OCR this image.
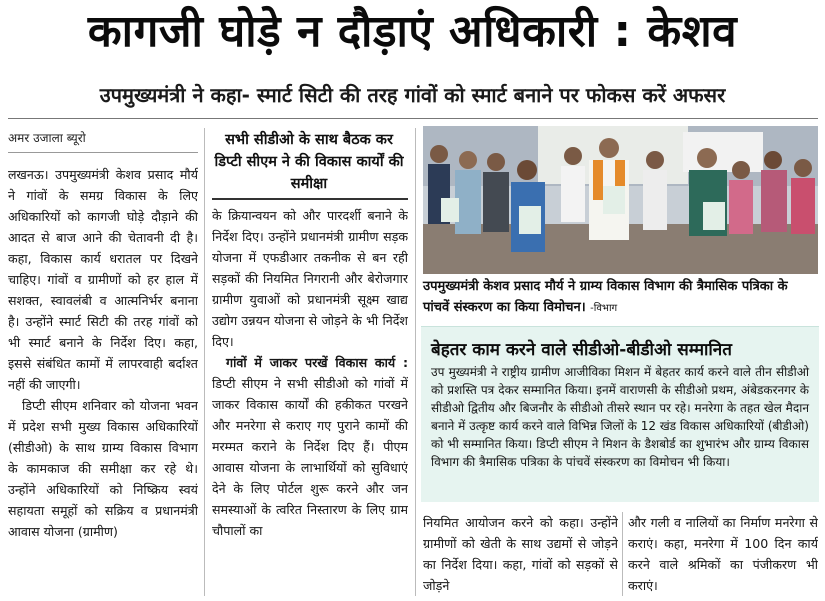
कागजी घोड़े न दौड़ाएं अधिकारी : केशव
उपमुख्यमंत्री ने कहा- स्मार्ट सिटी की तरह गांवों को स्मार्ट बनाने पर फोकस करें अफसर
अमर उजाला ब्यूरो

लखनऊ। उपमुख्यमंत्री केशव प्रसाद मौर्य ने गांवों के समग्र विकास के लिए अधिकारियों को कागजी घोड़े दौड़ाने की आदत से बाज आने की चेतावनी दी है। कहा, विकास कार्य धरातल पर दिखने चाहिए। गांवों व ग्रामीणों को हर हाल में सशक्त, स्वावलंबी व आत्मनिर्भर बनाना है। उन्होंने स्मार्ट सिटी की तरह गांवों को भी स्मार्ट बनाने के निर्देश दिए। कहा, इससे संबंधित कामों में लापरवाही बर्दाश्त नहीं की जाएगी।

डिप्टी सीएम शनिवार को योजना भवन में प्रदेश सभी मुख्य विकास अधिकारियों (सीडीओ) के साथ ग्राम्य विकास विभाग के कामकाज की समीक्षा कर रहे थे। उन्होंने अधिकारियों को निष्क्रिय स्वयं सहायता समूहों को सक्रिय व प्रधानमंत्री आवास योजना (ग्रामीण)

सभी सीडीओ के साथ बैठक कर डिप्टी सीएम ने की विकास कार्यों की समीक्षा

के क्रियान्वयन को और पारदर्शी बनाने के निर्देश दिए। उन्होंने प्रधानमंत्री ग्रामीण सड़क योजना में एफडीआर तकनीक से बन रही सड़कों की नियमित निगरानी और बेरोजगार ग्रामीण युवाओं को प्रधानमंत्री सूक्ष्म खाद्य उद्योग उन्नयन योजना से जोड़ने के भी निर्देश दिए।

गांवों में जाकर परखें विकास कार्य : डिप्टी सीएम ने सभी सीडीओ को गांवों में जाकर विकास कार्यों की हकीकत परखने और मनरेगा से कराए गए पुराने कामों की मरम्मत कराने के निर्देश दिए हैं। पीएम आवास योजना के लाभार्थियों को सुविधाएं देने के लिए पोर्टल शुरू करने और जन समस्याओं के त्वरित निस्तारण के लिए ग्राम चौपालों का

उपमुख्यमंत्री केशव प्रसाद मौर्य ने ग्राम्य विकास विभाग की त्रैमासिक पत्रिका के पांचवें संस्करण का किया विमोचन। -विभाग
बेहतर काम करने वाले सीडीओ-बीडीओ सम्मानित
उप मुख्यमंत्री ने राष्ट्रीय ग्रामीण आजीविका मिशन में बेहतर कार्य करने वाले तीन सीडीओ को प्रशस्ति पत्र देकर सम्मानित किया। इनमें वाराणसी के सीडीओ प्रथम, अंबेडकरनगर के सीडीओ द्वितीय और बिजनौर के सीडीओ तीसरे स्थान पर रहे। मनरेगा के तहत खेल मैदान बनाने में उत्कृष्ट कार्य करने वाले विभिन्न जिलों के 12 खंड विकास अधिकारियों (बीडीओ) को भी सम्मानित किया। डिप्टी सीएम ने मिशन के डैशबोर्ड का शुभारंभ और ग्राम्य विकास विभाग की त्रैमासिक पत्रिका के पांचवें संस्करण का विमोचन भी किया।
नियमित आयोजन करने को कहा। उन्होंने ग्रामीणों को खेती के साथ उद्यमों से जोड़ने का निर्देश दिया। कहा, गांवों को सड़कों से जोड़ने
और गली व नालियों का निर्माण मनरेगा से कराएं। कहा, मनरेगा में 100 दिन कार्य करने वाले श्रमिकों का पंजीकरण भी कराएं।
